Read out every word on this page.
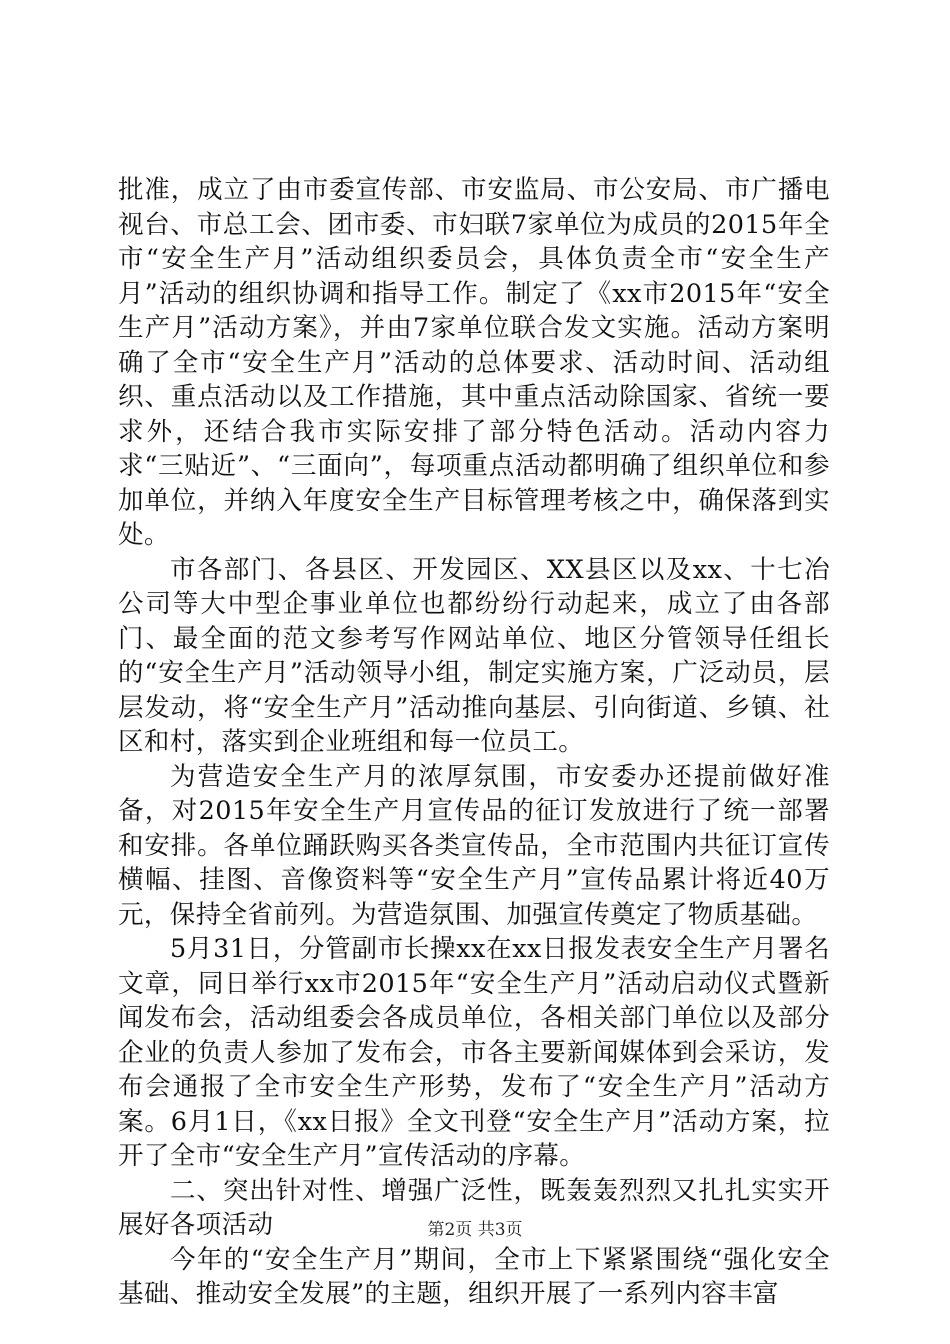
批准，成立了由市委宣传部、市安监局、市公安局、市广播电视台、市总工会、团市委、市妇联7家单位为成员的2015年全市“安全生产月”活动组织委员会，具体负责全市“安全生产月”活动的组织协调和指导工作。制定了《xx市2015年“安全生产月”活动方案》，并由7家单位联合发文实施。活动方案明确了全市“安全生产月”活动的总体要求、活动时间、活动组织、重点活动以及工作措施，其中重点活动除国家、省统一要求外，还结合我市实际安排了部分特色活动。活动内容力求“三贴近”、“三面向”，每项重点活动都明确了组织单位和参加单位，并纳入年度安全生产目标管理考核之中，确保落到实处。

市各部门、各县区、开发园区、XX县区以及xx、十七冶公司等大中型企事业单位也都纷纷行动起来，成立了由各部门、最全面的范文参考写作网站单位、地区分管领导任组长的“安全生产月”活动领导小组，制定实施方案，广泛动员，层层发动，将“安全生产月”活动推向基层、引向街道、乡镇、社区和村，落实到企业班组和每一位员工。

为营造安全生产月的浓厚氛围，市安委办还提前做好准备，对2015年安全生产月宣传品的征订发放进行了统一部署和安排。各单位踊跃购买各类宣传品，全市范围内共征订宣传横幅、挂图、音像资料等“安全生产月”宣传品累计将近40万元，保持全省前列。为营造氛围、加强宣传奠定了物质基础。

5月31日，分管副市长操xx在xx日报发表安全生产月署名文章，同日举行xx市2015年“安全生产月”活动启动仪式暨新闻发布会，活动组委会各成员单位，各相关部门单位以及部分企业的负责人参加了发布会，市各主要新闻媒体到会采访，发布会通报了全市安全生产形势，发布了“安全生产月”活动方案。6月1日，《xx日报》全文刊登“安全生产月”活动方案，拉开了全市“安全生产月”宣传活动的序幕。

二、突出针对性、增强广泛性，既轰轰烈烈又扎扎实实开展好各项活动

今年的“安全生产月”期间，全市上下紧紧围绕“强化安全基础、推动安全发展”的主题，组织开展了一系列内容丰富

第2页 共3页
